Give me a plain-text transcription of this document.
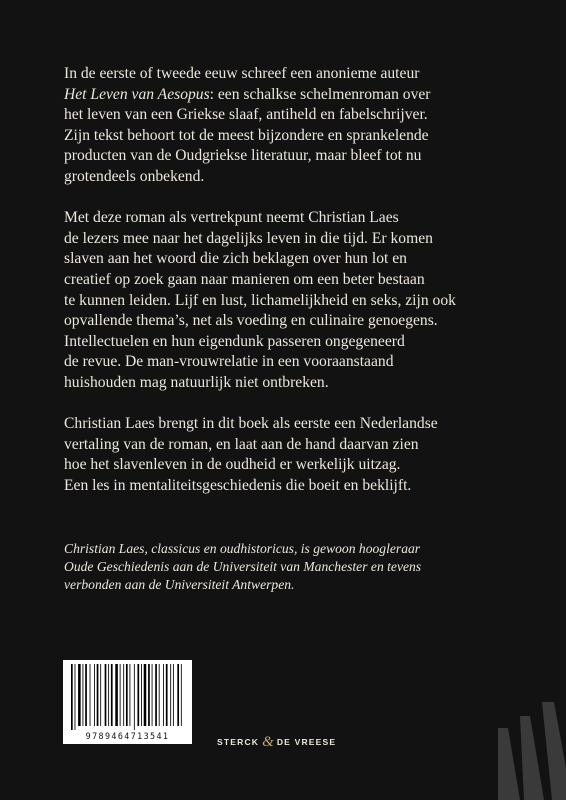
In de eerste of tweede eeuw schreef een anonieme auteur
Het Leven van Aesopus: een schalkse schelmenroman over
het leven van een Griekse slaaf, antiheld en fabelschrijver.
Zijn tekst behoort tot de meest bijzondere en sprankelende
producten van de Oudgriekse literatuur, maar bleef tot nu
grotendeels onbekend.

Met deze roman als vertrekpunt neemt Christian Laes
de lezers mee naar het dagelijks leven in die tijd. Er komen
slaven aan het woord die zich beklagen over hun lot en
creatief op zoek gaan naar manieren om een beter bestaan
te kunnen leiden. Lijf en lust, lichamelijkheid en seks, zijn ook
opvallende thema’s, net als voeding en culinaire genoegens.
Intellectuelen en hun eigendunk passeren ongegeneerd
de revue. De man-vrouwrelatie in een vooraanstaand
huishouden mag natuurlijk niet ontbreken.

Christian Laes brengt in dit boek als eerste een Nederlandse
vertaling van de roman, en laat aan de hand daarvan zien
hoe het slavenleven in de oudheid er werkelijk uitzag.
Een les in mentaliteitsgeschiedenis die boeit en beklijft.

Christian Laes, classicus en oudhistoricus, is gewoon hoogleraar
Oude Geschiedenis aan de Universiteit van Manchester en tevens
verbonden aan de Universiteit Antwerpen.
9789464713541
STERCK & DE VREESE
